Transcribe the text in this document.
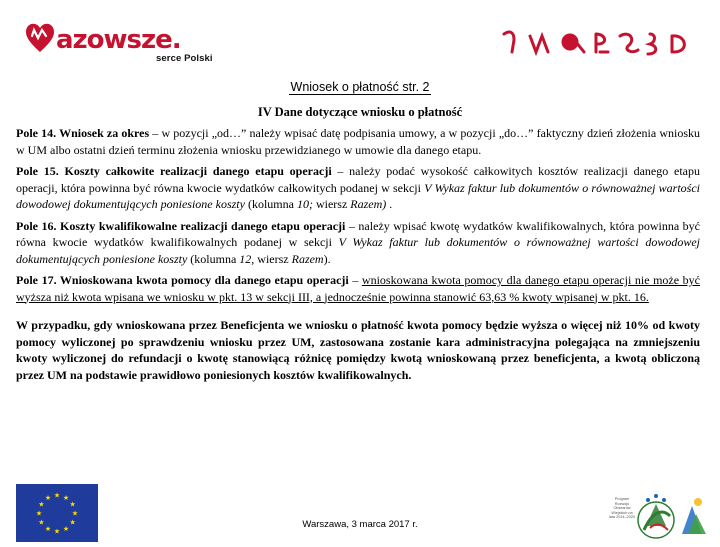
azowsze.
serce Polski
Wniosek o płatność str. 2
IV Dane dotyczące wniosku o płatność

Pole 14. Wniosek za okres – w pozycji „od…” należy wpisać datę podpisania umowy, a w pozycji „do…” faktyczny dzień złożenia wniosku w UM albo ostatni dzień terminu złożenia wniosku przewidzianego w umowie dla danego etapu.

Pole 15. Koszty całkowite realizacji danego etapu operacji – należy podać wysokość całkowitych kosztów realizacji danego etapu operacji, która powinna być równa kwocie wydatków całkowitych podanej w sekcji V Wykaz faktur lub dokumentów o równoważnej wartości dowodowej dokumentujących poniesione koszty (kolumna 10; wiersz Razem) .

Pole 16. Koszty kwalifikowalne realizacji danego etapu operacji – należy wpisać kwotę wydatków kwalifikowalnych, która powinna być równa kwocie wydatków kwalifikowalnych podanej w sekcji V Wykaz faktur lub dokumentów o równoważnej wartości dowodowej dokumentujących poniesione koszty (kolumna 12, wiersz Razem).

Pole 17. Wnioskowana kwota pomocy dla danego etapu operacji – wnioskowana kwota pomocy dla danego etapu operacji nie może być wyższa niż kwota wpisana we wniosku w pkt. 13 w sekcji III, a jednocześnie powinna stanowić 63,63 % kwoty wpisanej w pkt. 16.

W przypadku, gdy wnioskowana przez Beneficjenta we wniosku o płatność kwota pomocy będzie wyższa o więcej niż 10% od kwoty pomocy wyliczonej po sprawdzeniu wniosku przez UM, zastosowana zostanie kara administracyjna polegająca na zmniejszeniu kwoty wyliczonej do refundacji o kwotę stanowiącą różnicę pomiędzy kwotą wnioskowaną przez beneficjenta, a kwotą obliczoną przez UM na podstawie prawidłowo poniesionych kosztów kwalifikowalnych.

★ ★
★
★
★
★
★
★
★
★
★
★
Warszawa, 3 marca 2017 r.
Program Rozwoju Obszarów Wiejskich na lata 2014–2020
